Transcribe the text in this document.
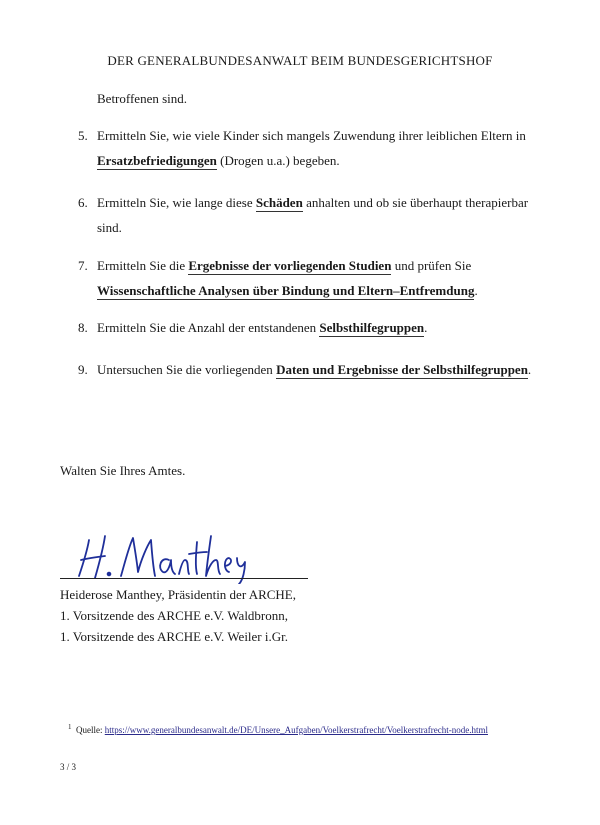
DER GENERALBUNDESANWALT BEIM BUNDESGERICHTSHOF
Betroffenen sind.
5. Ermitteln Sie, wie viele Kinder sich mangels Zuwendung ihrer leiblichen Eltern in Ersatzbefriedigungen (Drogen u.a.) begeben.
6. Ermitteln Sie, wie lange diese Schäden anhalten und ob sie überhaupt therapierbar sind.
7. Ermitteln Sie die Ergebnisse der vorliegenden Studien und prüfen Sie
Wissenschaftliche Analysen über Bindung und Eltern–Entfremdung.
8. Ermitteln Sie die Anzahl der entstandenen Selbsthilfegruppen.
9. Untersuchen Sie die vorliegenden Daten und Ergebnisse der Selbsthilfegruppen.
Walten Sie Ihres Amtes.
Heiderose Manthey, Präsidentin der ARCHE,
1. Vorsitzende des ARCHE e.V. Waldbronn,
1. Vorsitzende des ARCHE e.V. Weiler i.Gr.
$^1$ Quelle: https://www.generalbundesanwalt.de/DE/Unsere_Aufgaben/Voelkerstrafrecht/Voelkerstrafrecht-node.html
3 / 3
